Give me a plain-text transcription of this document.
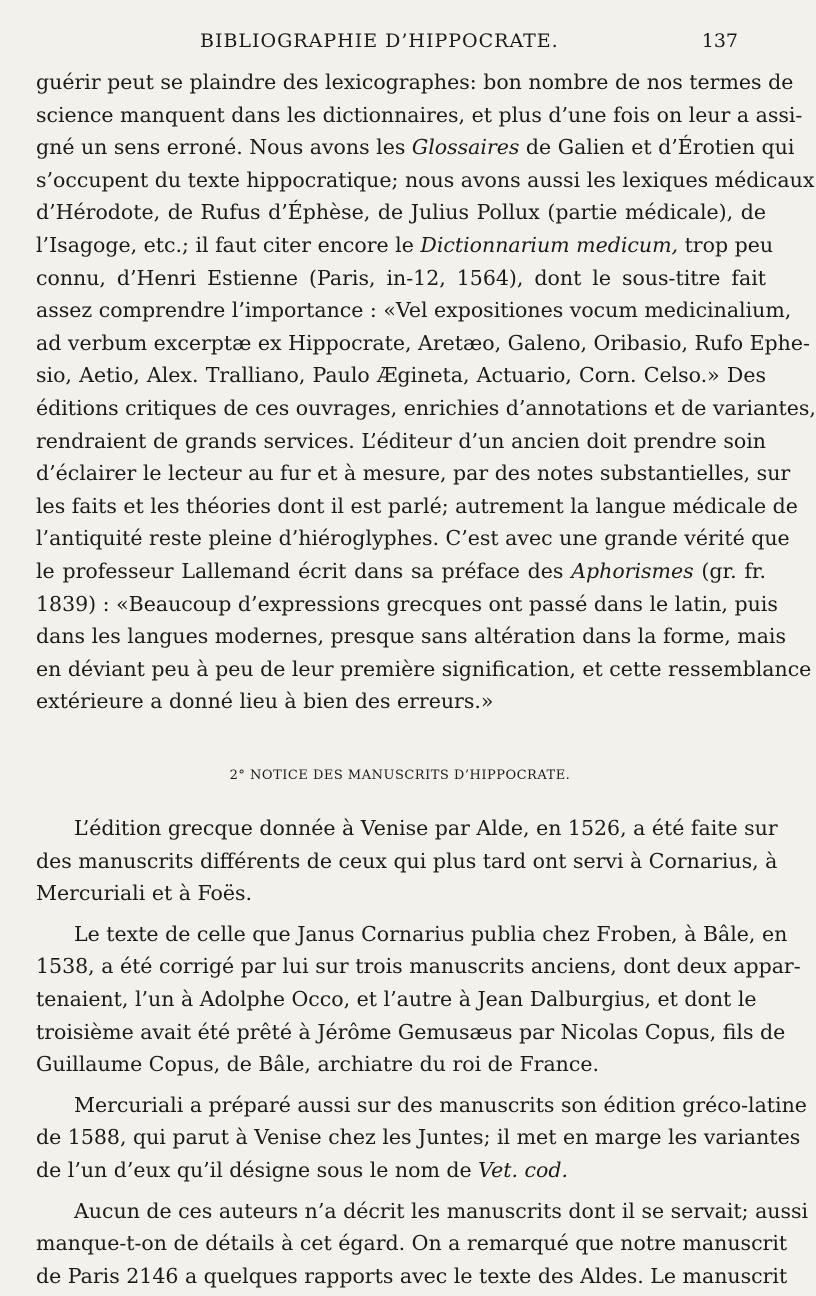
BIBLIOGRAPHIE D’HIPPOCRATE.	137
guérir peut se plaindre des lexicographes: bon nombre de nos termes de
science manquent dans les dictionnaires, et plus d’une fois on leur a assi-
gné un sens erroné. Nous avons les Glossaires de Galien et d’Érotien qui
s’occupent du texte hippocratique; nous avons aussi les lexiques médicaux
d’Hérodote, de Rufus d’Éphèse, de Julius Pollux (partie médicale), de
l’Isagoge, etc.; il faut citer encore le Dictionnarium medicum, trop peu
connu, d’Henri Estienne (Paris, in-12, 1564), dont le sous-titre fait
assez comprendre l’importance : «Vel expositiones vocum medicinalium,
ad verbum excerptæ ex Hippocrate, Aretæo, Galeno, Oribasio, Rufo Ephe-
sio, Aetio, Alex. Tralliano, Paulo Ægineta, Actuario, Corn. Celso.» Des
éditions critiques de ces ouvrages, enrichies d’annotations et de variantes,
rendraient de grands services. L’éditeur d’un ancien doit prendre soin
d’éclairer le lecteur au fur et à mesure, par des notes substantielles, sur
les faits et les théories dont il est parlé; autrement la langue médicale de
l’antiquité reste pleine d’hiéroglyphes. C’est avec une grande vérité que
le professeur Lallemand écrit dans sa préface des Aphorismes (gr. fr.
1839) : «Beaucoup d’expressions grecques ont passé dans le latin, puis
dans les langues modernes, presque sans altération dans la forme, mais
en déviant peu à peu de leur première signification, et cette ressemblance
extérieure a donné lieu à bien des erreurs.»
2° NOTICE DES MANUSCRITS D’HIPPOCRATE.
L’édition grecque donnée à Venise par Alde, en 1526, a été faite sur
des manuscrits différents de ceux qui plus tard ont servi à Cornarius, à
Mercuriali et à Foës.
Le texte de celle que Janus Cornarius publia chez Froben, à Bâle, en
1538, a été corrigé par lui sur trois manuscrits anciens, dont deux appar-
tenaient, l’un à Adolphe Occo, et l’autre à Jean Dalburgius, et dont le
troisième avait été prêté à Jérôme Gemusæus par Nicolas Copus, fils de
Guillaume Copus, de Bâle, archiatre du roi de France.
Mercuriali a préparé aussi sur des manuscrits son édition gréco-latine
de 1588, qui parut à Venise chez les Juntes; il met en marge les variantes
de l’un d’eux qu’il désigne sous le nom de Vet. cod.
Aucun de ces auteurs n’a décrit les manuscrits dont il se servait; aussi
manque-t-on de détails à cet égard. On a remarqué que notre manuscrit
de Paris 2146 a quelques rapports avec le texte des Aldes. Le manuscrit
